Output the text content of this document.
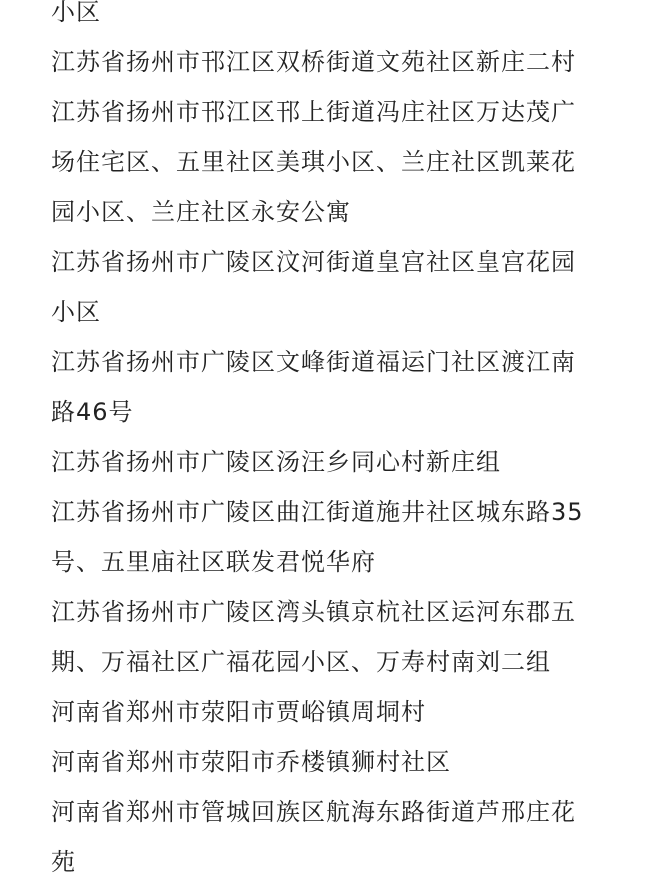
小区
江苏省扬州市邗江区双桥街道文苑社区新庄二村
江苏省扬州市邗江区邗上街道冯庄社区万达茂广
场住宅区、五里社区美琪小区、兰庄社区凯莱花
园小区、兰庄社区永安公寓
江苏省扬州市广陵区汶河街道皇宫社区皇宫花园
小区
江苏省扬州市广陵区文峰街道福运门社区渡江南
路46号
江苏省扬州市广陵区汤汪乡同心村新庄组
江苏省扬州市广陵区曲江街道施井社区城东路35
号、五里庙社区联发君悦华府
江苏省扬州市广陵区湾头镇京杭社区运河东郡五
期、万福社区广福花园小区、万寿村南刘二组
河南省郑州市荥阳市贾峪镇周垌村
河南省郑州市荥阳市乔楼镇狮村社区
河南省郑州市管城回族区航海东路街道芦邢庄花
苑
